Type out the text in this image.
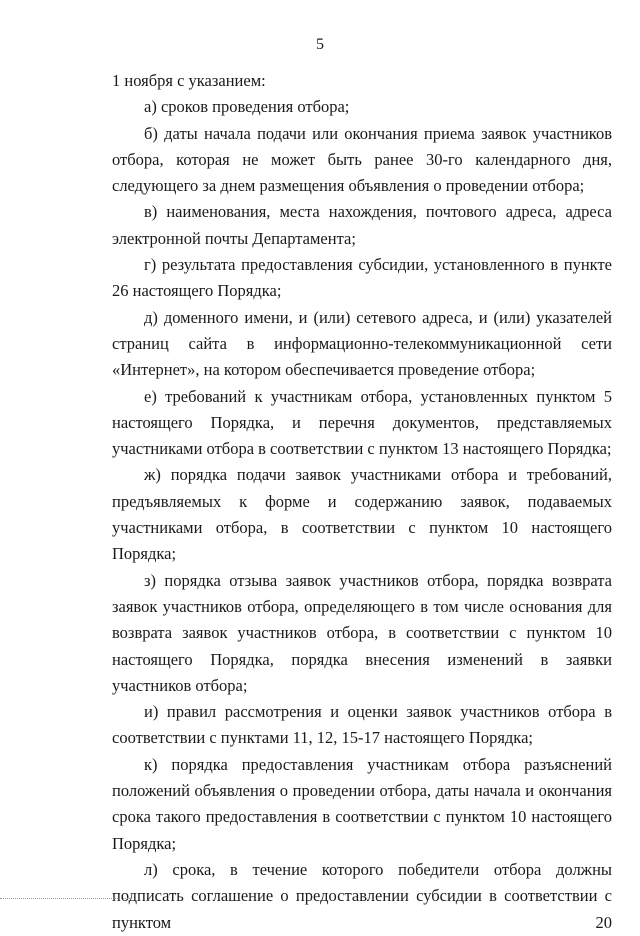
5

1 ноября с указанием:

а) сроков проведения отбора;

б) даты начала подачи или окончания приема заявок участников отбора, которая не может быть ранее 30-го календарного дня, следующего за днем размещения объявления о проведении отбора;

в) наименования, места нахождения, почтового адреса, адреса электронной почты Департамента;

г) результата предоставления субсидии, установленного в пункте 26 настоящего Порядка;

д) доменного имени, и (или) сетевого адреса, и (или) указателей страниц сайта в информационно-телекоммуникационной сети «Интернет», на котором обеспечивается проведение отбора;

е) требований к участникам отбора, установленных пунктом 5 настоящего Порядка, и перечня документов, представляемых участниками отбора в соответствии с пунктом 13 настоящего Порядка;

ж) порядка подачи заявок участниками отбора и требований, предъявляемых к форме и содержанию заявок, подаваемых участниками отбора, в соответствии с пунктом 10 настоящего Порядка;

з) порядка отзыва заявок участников отбора, порядка возврата заявок участников отбора, определяющего в том числе основания для возврата заявок участников отбора, в соответствии с пунктом 10 настоящего Порядка, порядка внесения изменений в заявки участников отбора;

и) правил рассмотрения и оценки заявок участников отбора в соответствии с пунктами 11, 12, 15-17 настоящего Порядка;

к) порядка предоставления участникам отбора разъяснений положений объявления о проведении отбора, даты начала и окончания срока такого предоставления в соответствии с пунктом 10 настоящего Порядка;

л) срока, в течение которого победители отбора должны подписать соглашение о предоставлении субсидии в соответствии с пунктом 20
